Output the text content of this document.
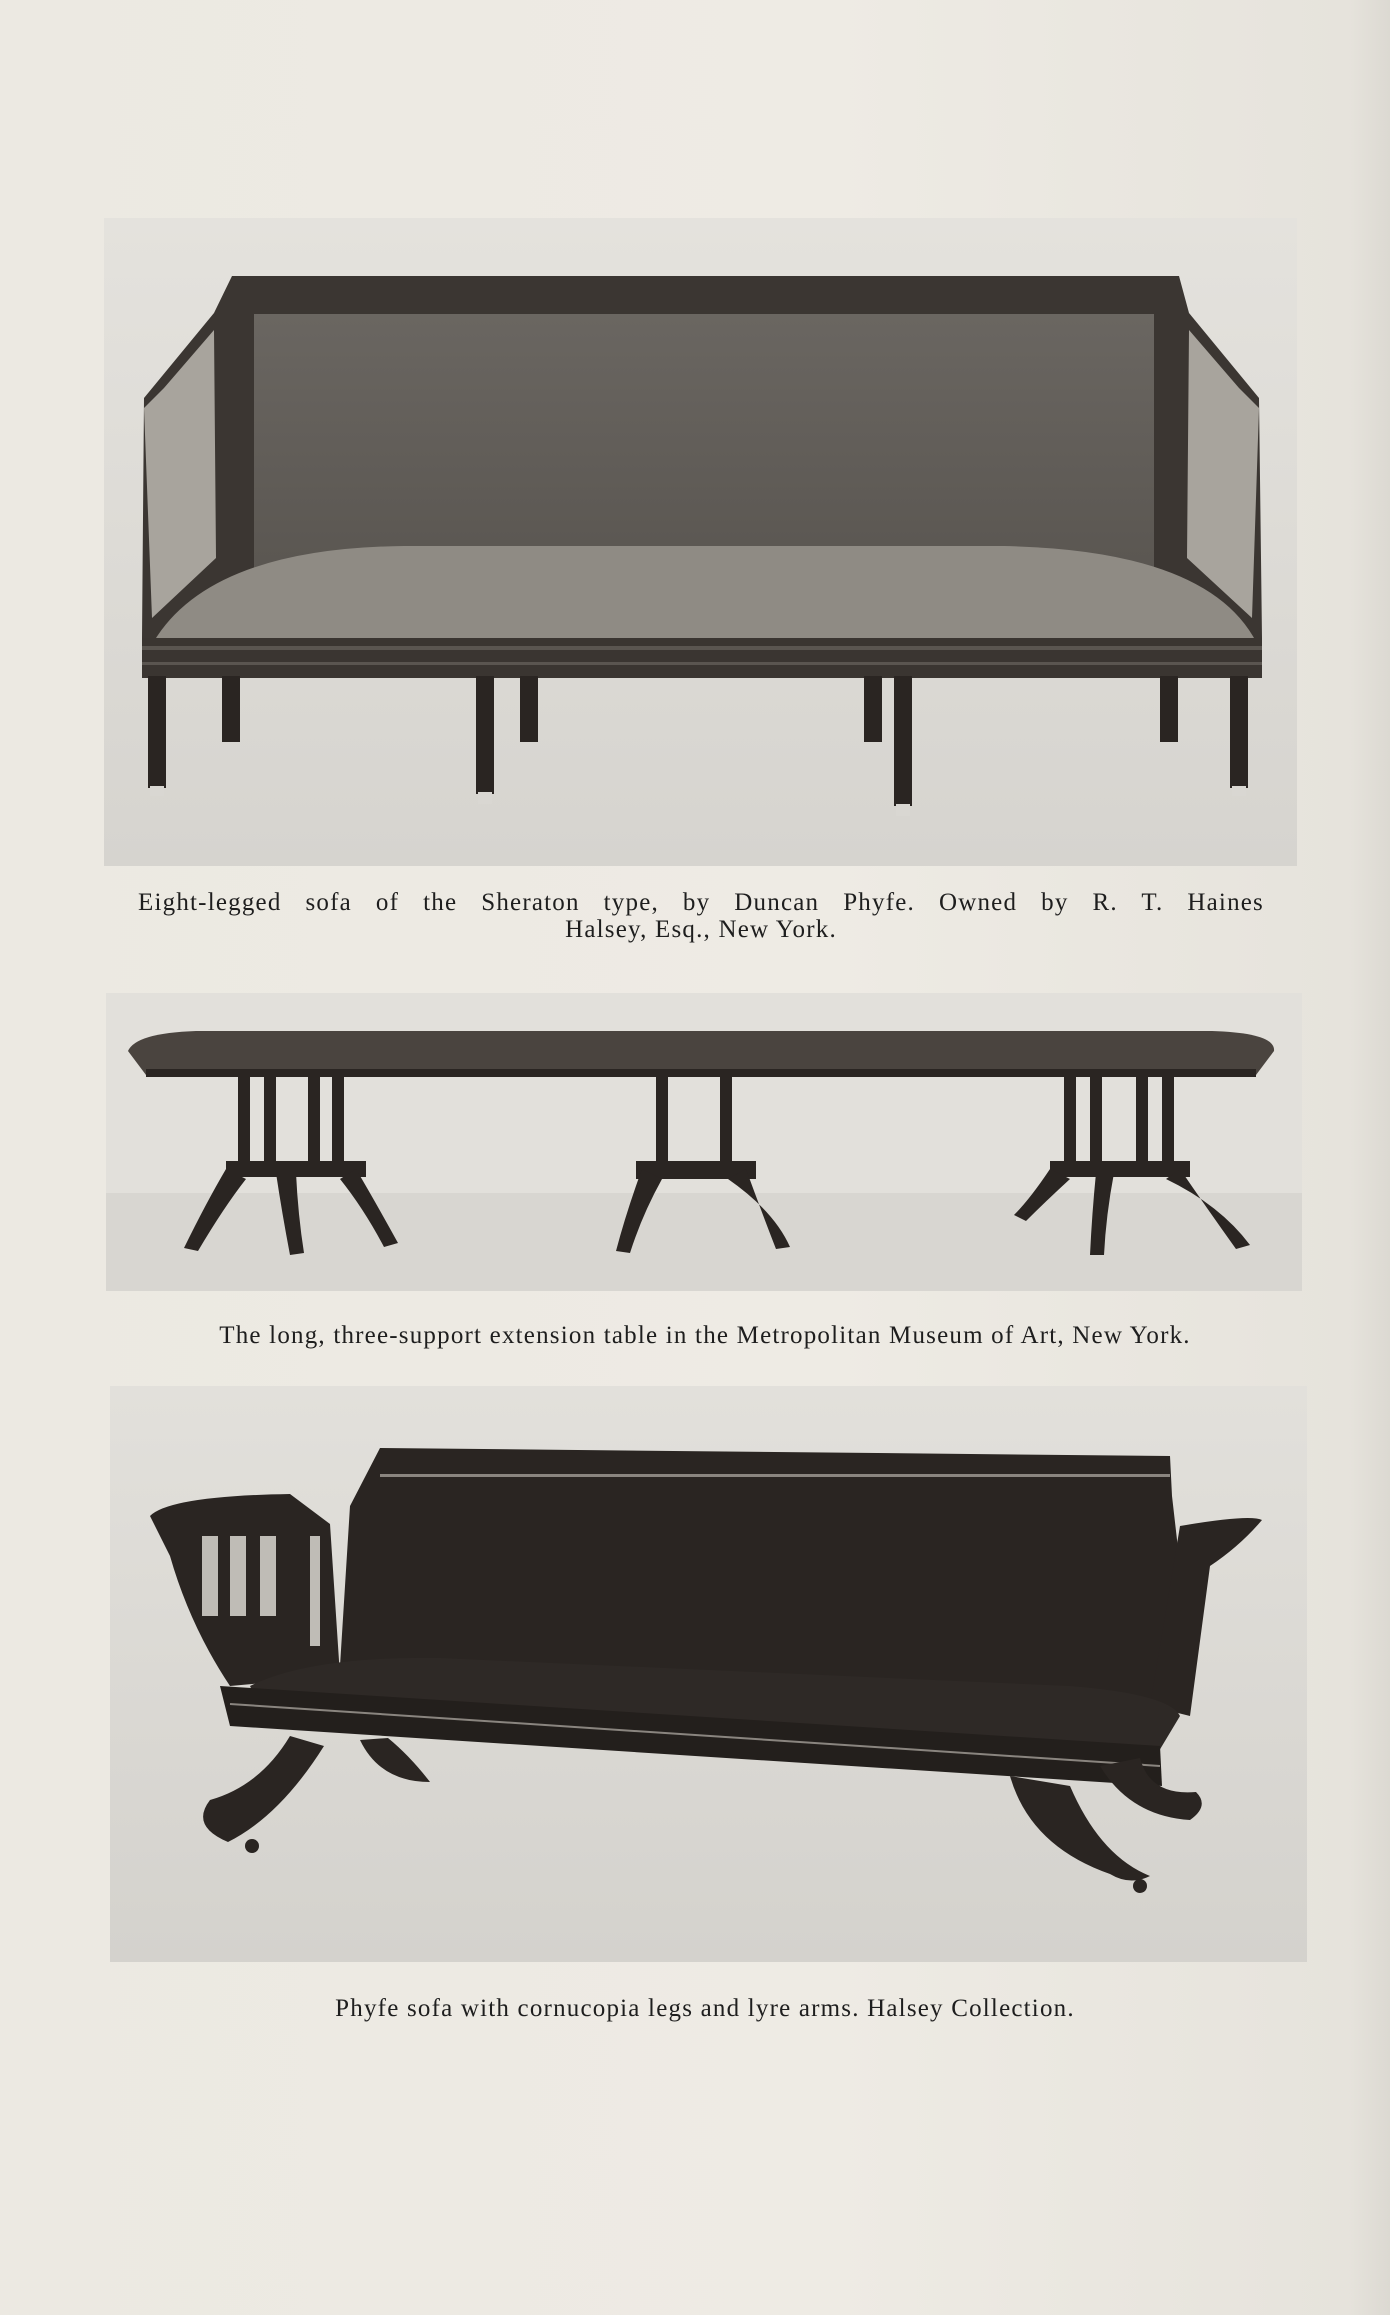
Eight-legged sofa of the Sheraton type, by Duncan Phyfe. Owned by R. T. Haines
Halsey, Esq., New York.
The long, three-support extension table in the Metropolitan Museum of Art, New York.
Phyfe sofa with cornucopia legs and lyre arms. Halsey Collection.
